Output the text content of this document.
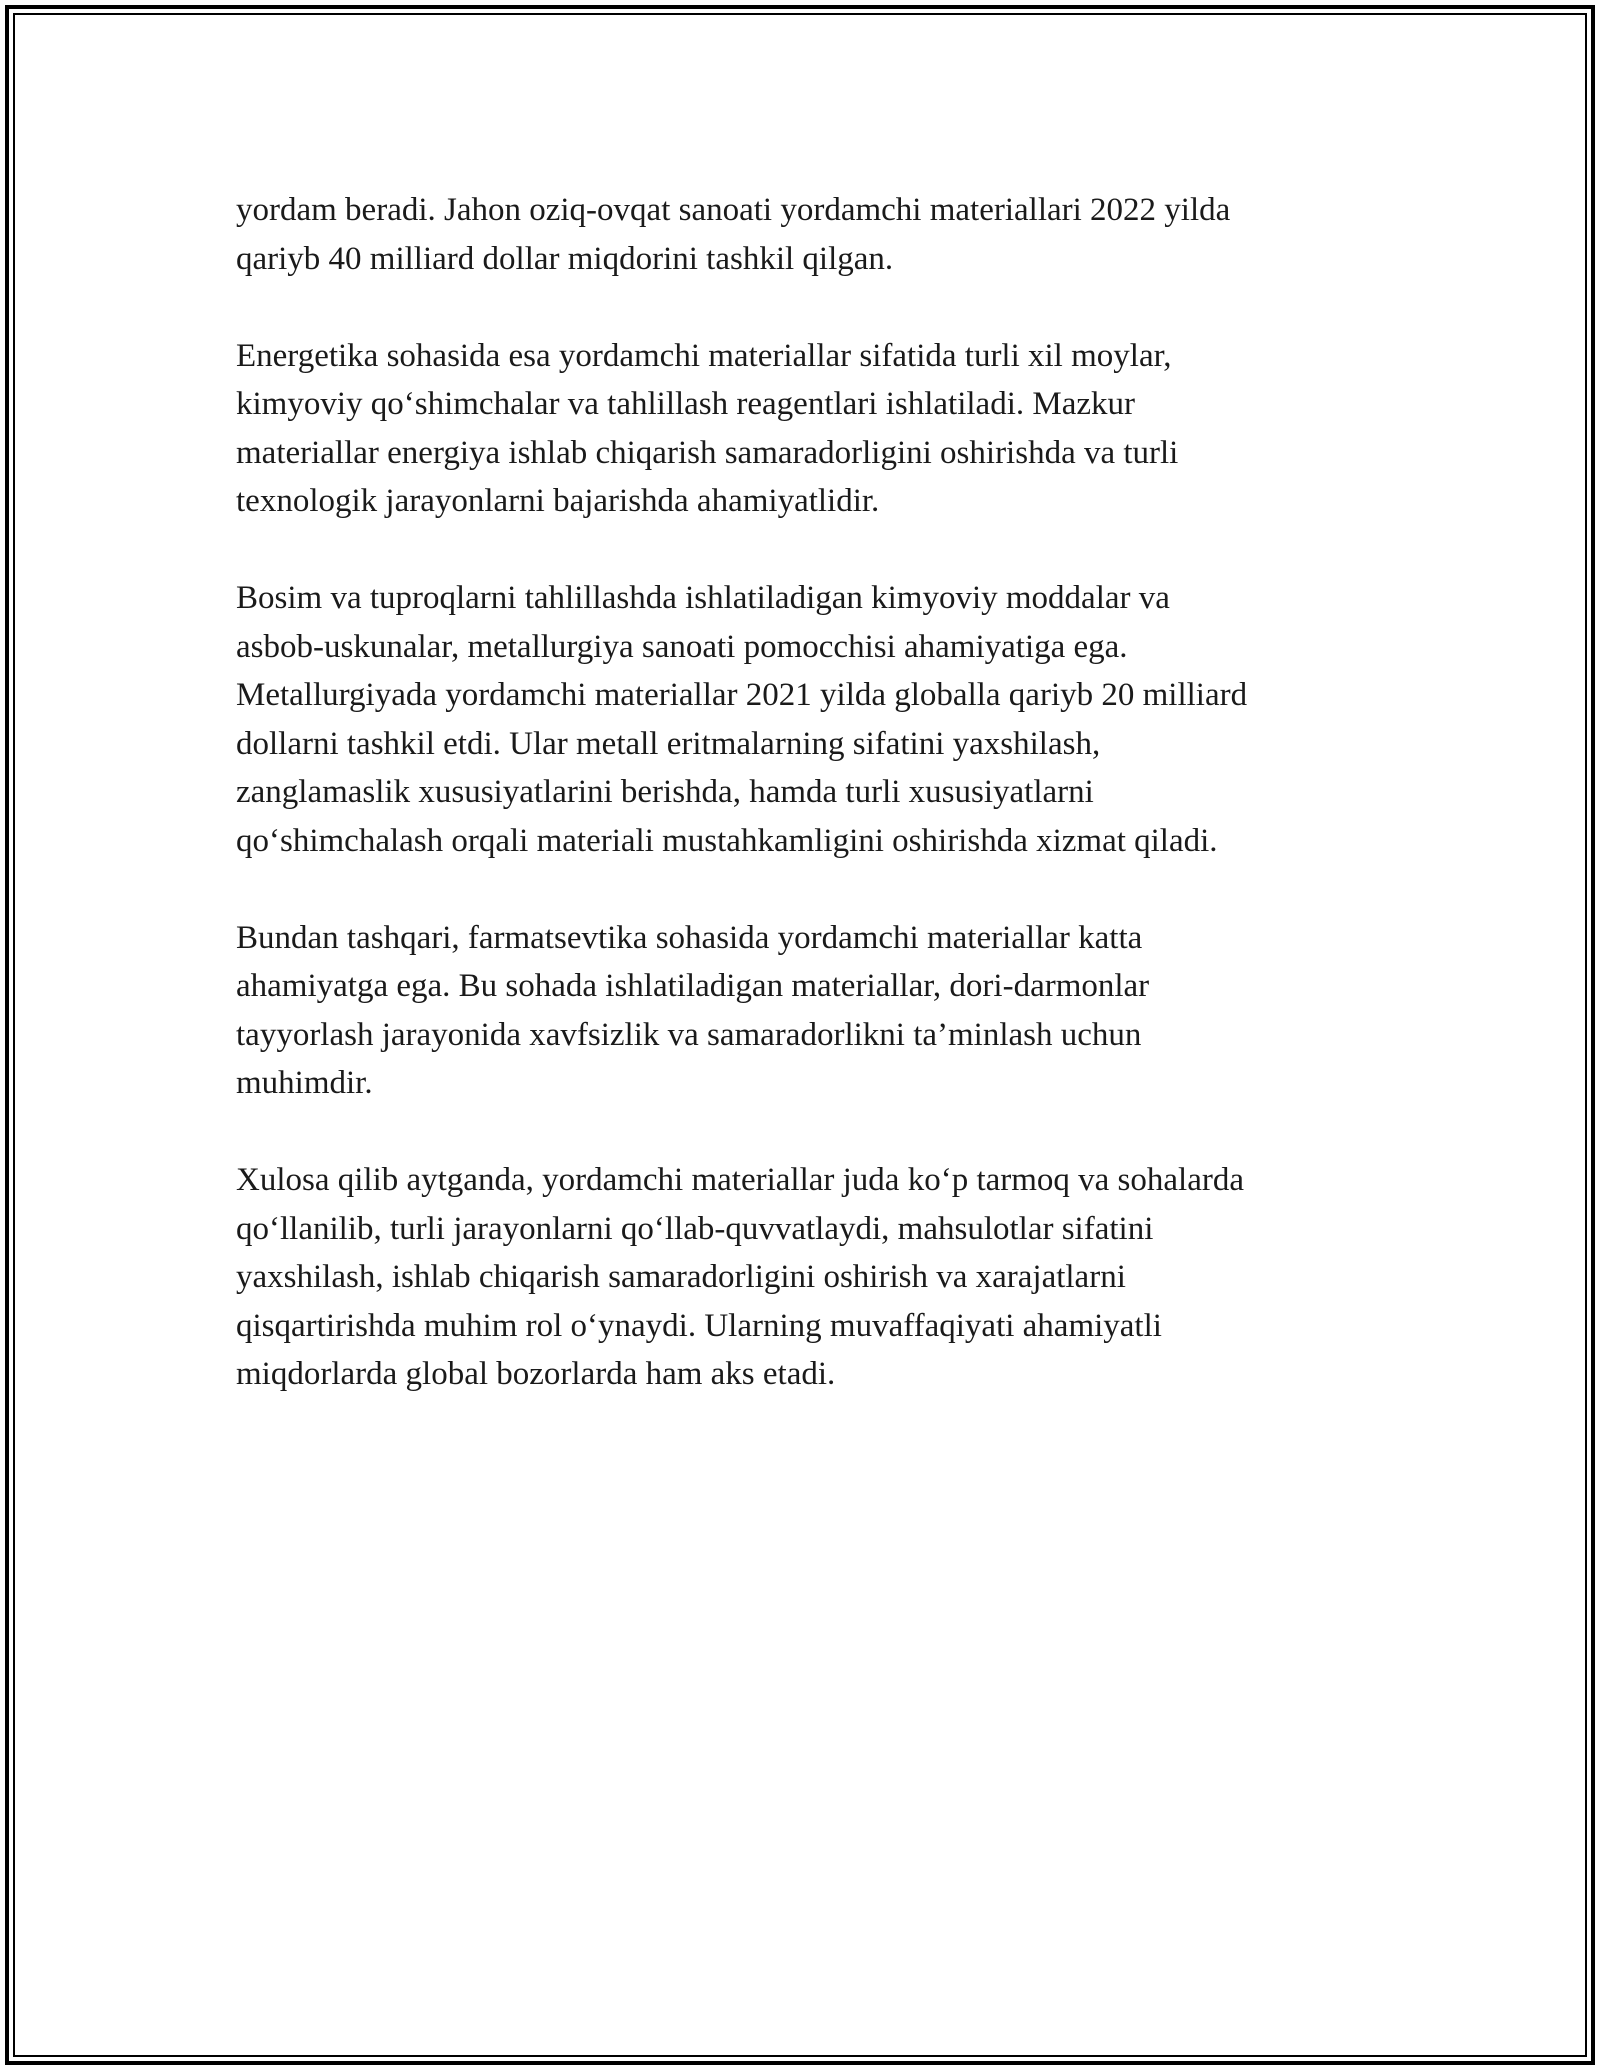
yordam beradi. Jahon oziq-ovqat sanoati yordamchi materiallari 2022 yilda
qariyb 40 milliard dollar miqdorini tashkil qilgan.

Energetika sohasida esa yordamchi materiallar sifatida turli xil moylar,
kimyoviy qo‘shimchalar va tahlillash reagentlari ishlatiladi. Mazkur
materiallar energiya ishlab chiqarish samaradorligini oshirishda va turli
texnologik jarayonlarni bajarishda ahamiyatlidir.

Bosim va tuproqlarni tahlillashda ishlatiladigan kimyoviy moddalar va
asbob-uskunalar, metallurgiya sanoati pomocchisi ahamiyatiga ega.
Metallurgiyada yordamchi materiallar 2021 yilda globalla qariyb 20 milliard
dollarni tashkil etdi. Ular metall eritmalarning sifatini yaxshilash,
zanglamaslik xususiyatlarini berishda, hamda turli xususiyatlarni
qo‘shimchalash orqali materiali mustahkamligini oshirishda xizmat qiladi.

Bundan tashqari, farmatsevtika sohasida yordamchi materiallar katta
ahamiyatga ega. Bu sohada ishlatiladigan materiallar, dori-darmonlar
tayyorlash jarayonida xavfsizlik va samaradorlikni ta’minlash uchun
muhimdir.

Xulosa qilib aytganda, yordamchi materiallar juda ko‘p tarmoq va sohalarda
qo‘llanilib, turli jarayonlarni qo‘llab-quvvatlaydi, mahsulotlar sifatini
yaxshilash, ishlab chiqarish samaradorligini oshirish va xarajatlarni
qisqartirishda muhim rol o‘ynaydi. Ularning muvaffaqiyati ahamiyatli
miqdorlarda global bozorlarda ham aks etadi.
